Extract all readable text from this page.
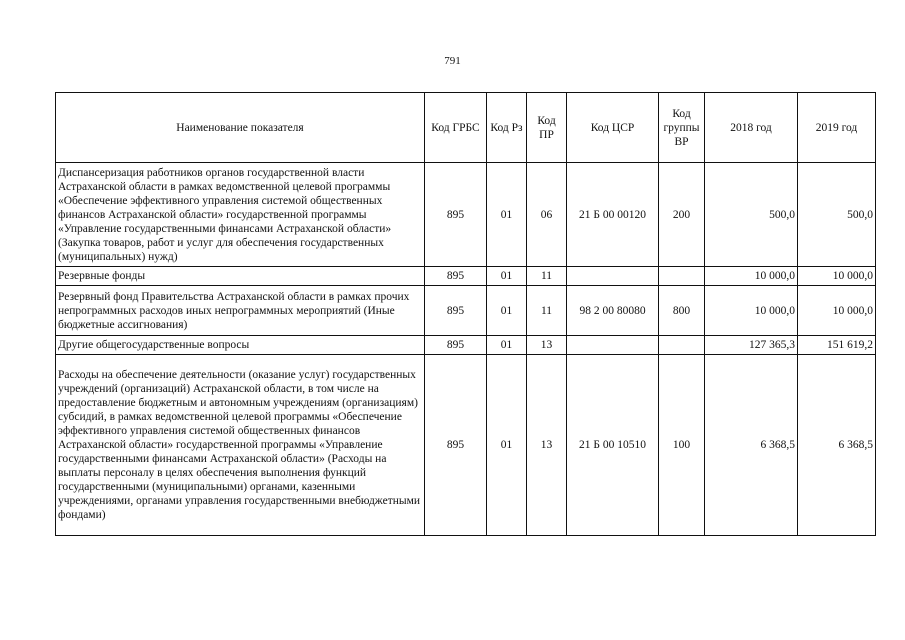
791
Наименование показателя	Код ГРБС	Код Рз	Код ПР	Код ЦСР	Код группы ВР	2018 год	2019 год
Диспансеризация работников органов государственной власти Астраханской области в рамках ведомственной целевой программы «Обеспечение эффективного управления системой общественных финансов Астраханской области» государственной программы «Управление государственными финансами Астраханской области» (Закупка товаров, работ и услуг для обеспечения государственных (муниципальных) нужд)	895	01	06	21 Б 00 00120	200	500,0	500,0
Резервные фонды	895	01	11			10 000,0	10 000,0
Резервный фонд Правительства Астраханской области в рамках прочих непрограммных расходов иных непрограммных мероприятий (Иные бюджетные ассигнования)	895	01	11	98 2 00 80080	800	10 000,0	10 000,0
Другие общегосударственные вопросы	895	01	13			127 365,3	151 619,2
Расходы на обеспечение деятельности (оказание услуг) государственных учреждений (организаций) Астраханской области, в том числе на предоставление бюджетным и автономным учреждениям (организациям) субсидий, в рамках ведомственной целевой программы «Обеспечение эффективного управления системой общественных финансов Астраханской области» государственной программы «Управление государственными финансами Астраханской области» (Расходы на выплаты персоналу в целях обеспечения выполнения функций государственными (муниципальными) органами, казенными учреждениями, органами управления государственными внебюджетными фондами)	895	01	13	21 Б 00 10510	100	6 368,5	6 368,5
